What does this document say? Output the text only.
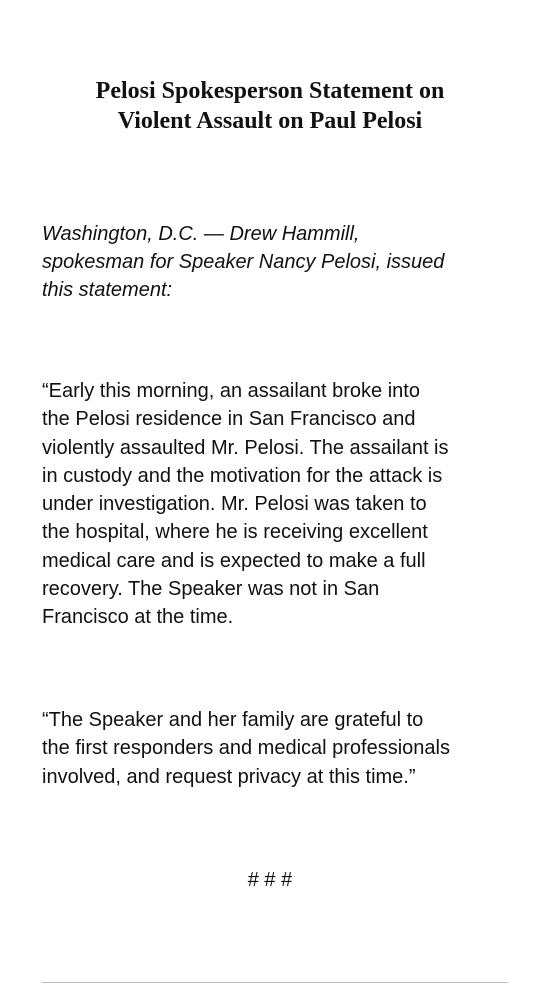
Pelosi Spokesperson Statement on
Violent Assault on Paul Pelosi

Washington, D.C. — Drew Hammill,
spokesman for Speaker Nancy Pelosi, issued
this statement:

“Early this morning, an assailant broke into
the Pelosi residence in San Francisco and
violently assaulted Mr. Pelosi. The assailant is
in custody and the motivation for the attack is
under investigation. Mr. Pelosi was taken to
the hospital, where he is receiving excellent
medical care and is expected to make a full
recovery. The Speaker was not in San
Francisco at the time.

“The Speaker and her family are grateful to
the first responders and medical professionals
involved, and request privacy at this time.”

# # #
